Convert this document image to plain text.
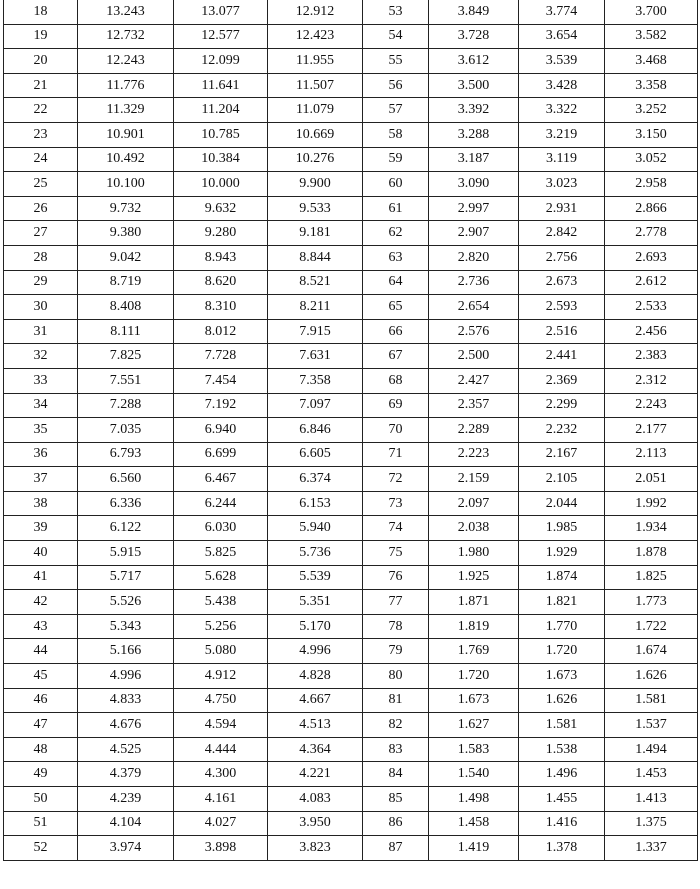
18	13.243	13.077	12.912	53	3.849	3.774	3.700
19	12.732	12.577	12.423	54	3.728	3.654	3.582
20	12.243	12.099	11.955	55	3.612	3.539	3.468
21	11.776	11.641	11.507	56	3.500	3.428	3.358
22	11.329	11.204	11.079	57	3.392	3.322	3.252
23	10.901	10.785	10.669	58	3.288	3.219	3.150
24	10.492	10.384	10.276	59	3.187	3.119	3.052
25	10.100	10.000	9.900	60	3.090	3.023	2.958
26	9.732	9.632	9.533	61	2.997	2.931	2.866
27	9.380	9.280	9.181	62	2.907	2.842	2.778
28	9.042	8.943	8.844	63	2.820	2.756	2.693
29	8.719	8.620	8.521	64	2.736	2.673	2.612
30	8.408	8.310	8.211	65	2.654	2.593	2.533
31	8.111	8.012	7.915	66	2.576	2.516	2.456
32	7.825	7.728	7.631	67	2.500	2.441	2.383
33	7.551	7.454	7.358	68	2.427	2.369	2.312
34	7.288	7.192	7.097	69	2.357	2.299	2.243
35	7.035	6.940	6.846	70	2.289	2.232	2.177
36	6.793	6.699	6.605	71	2.223	2.167	2.113
37	6.560	6.467	6.374	72	2.159	2.105	2.051
38	6.336	6.244	6.153	73	2.097	2.044	1.992
39	6.122	6.030	5.940	74	2.038	1.985	1.934
40	5.915	5.825	5.736	75	1.980	1.929	1.878
41	5.717	5.628	5.539	76	1.925	1.874	1.825
42	5.526	5.438	5.351	77	1.871	1.821	1.773
43	5.343	5.256	5.170	78	1.819	1.770	1.722
44	5.166	5.080	4.996	79	1.769	1.720	1.674
45	4.996	4.912	4.828	80	1.720	1.673	1.626
46	4.833	4.750	4.667	81	1.673	1.626	1.581
47	4.676	4.594	4.513	82	1.627	1.581	1.537
48	4.525	4.444	4.364	83	1.583	1.538	1.494
49	4.379	4.300	4.221	84	1.540	1.496	1.453
50	4.239	4.161	4.083	85	1.498	1.455	1.413
51	4.104	4.027	3.950	86	1.458	1.416	1.375
52	3.974	3.898	3.823	87	1.419	1.378	1.337
